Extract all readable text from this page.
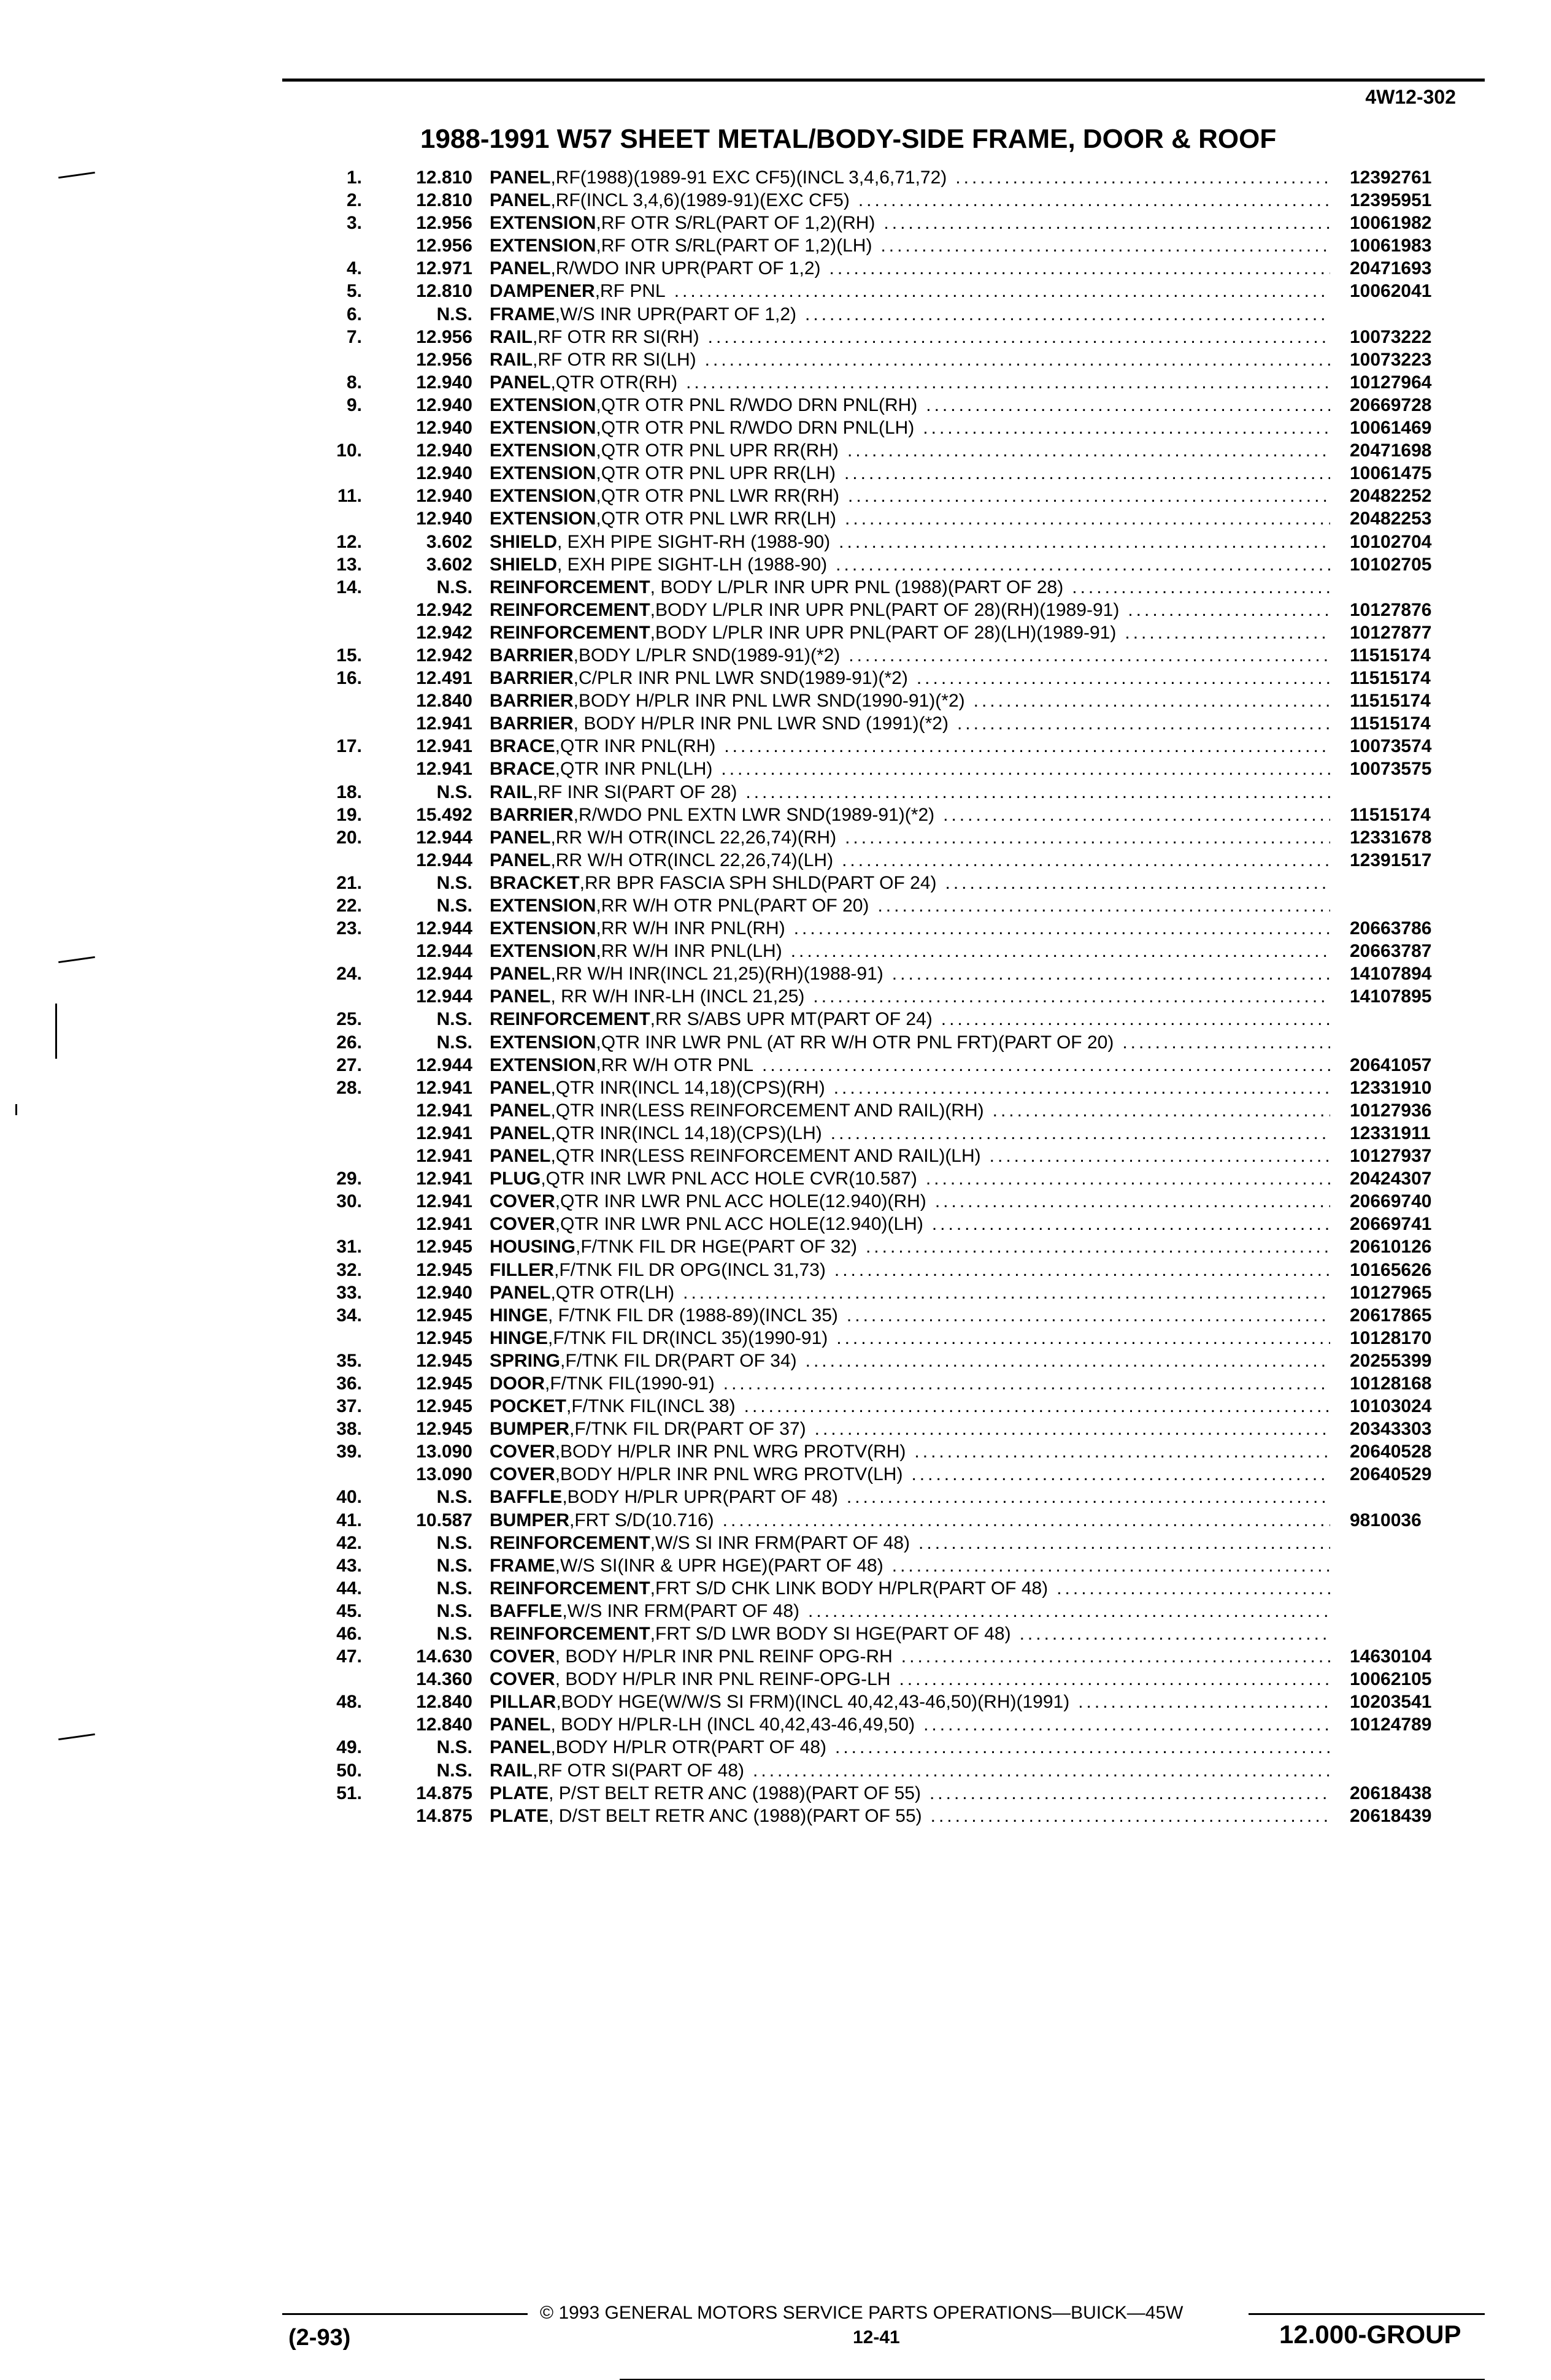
4W12-302
1988-1991 W57 SHEET METAL/BODY-SIDE FRAME, DOOR & ROOF
1.	12.810 PANEL ,RF(1988)(1989-91 EXC CF5)(INCL 3,4,6,71,72) .....	12392761
2.	12.810 PANEL ,RF(INCL 3,4,6)(1989-91)(EXC CF5) .....	12395951
3.	12.956 EXTENSION ,RF OTR S/RL(PART OF 1,2)(RH) .....	10061982
12.956 EXTENSION ,RF OTR S/RL(PART OF 1,2)(LH) .....	10061983
4.	12.971 PANEL ,R/WDO INR UPR(PART OF 1,2) .....	20471693
5.	12.810 DAMPENER ,RF PNL .....	10062041
6.	N.S. FRAME ,W/S INR UPR(PART OF 1,2)
.....
7.	12.956 RAIL ,RF OTR RR SI(RH) .....	10073222
12.956 RAIL ,RF OTR RR SI(LH) .....	10073223
8.	12.940 PANEL ,QTR OTR(RH) .....	10127964
9.	12.940 EXTENSION ,QTR OTR PNL R/WDO DRN PNL(RH) .....	20669728
12.940 EXTENSION ,QTR OTR PNL R/WDO DRN PNL(LH) .....	10061469
10.	12.940 EXTENSION ,QTR OTR PNL UPR RR(RH) .....	20471698
12.940 EXTENSION ,QTR OTR PNL UPR RR(LH) .....	10061475
11.	12.940 EXTENSION ,QTR OTR PNL LWR RR(RH) .....	20482252
12.940 EXTENSION ,QTR OTR PNL LWR RR(LH) .....	20482253
12.	3.602 SHIELD , EXH PIPE SIGHT-RH (1988-90) .....	10102704
13.	3.602 SHIELD , EXH PIPE SIGHT-LH (1988-90) .....	10102705
14.	N.S. REINFORCEMENT , BODY L/PLR INR UPR PNL (1988)(PART OF 28)
.....
12.942 REINFORCEMENT ,BODY L/PLR INR UPR PNL(PART OF 28)(RH)(1989-91) .....	10127876
12.942 REINFORCEMENT ,BODY L/PLR INR UPR PNL(PART OF 28)(LH)(1989-91) .....	10127877
15.	12.942 BARRIER ,BODY L/PLR SND(1989-91)(*2) .....	11515174
16.	12.491 BARRIER ,C/PLR INR PNL LWR SND(1989-91)(*2) .....	11515174
12.840 BARRIER ,BODY H/PLR INR PNL LWR SND(1990-91)(*2) .....	11515174
12.941 BARRIER , BODY H/PLR INR PNL LWR SND (1991)(*2) .....	11515174
17.	12.941 BRACE ,QTR INR PNL(RH) .....	10073574
12.941 BRACE ,QTR INR PNL(LH) .....	10073575
18.	N.S. RAIL ,RF INR SI(PART OF 28)
.....
19.	15.492 BARRIER ,R/WDO PNL EXTN LWR SND(1989-91)(*2) .....	11515174
20.	12.944 PANEL ,RR W/H OTR(INCL 22,26,74)(RH) .....	12331678
12.944 PANEL ,RR W/H OTR(INCL 22,26,74)(LH) .....	12391517
21.	N.S. BRACKET ,RR BPR FASCIA SPH SHLD(PART OF 24)
.....
22.	N.S. EXTENSION ,RR W/H OTR PNL(PART OF 20)
.....
23.	12.944 EXTENSION ,RR W/H INR PNL(RH) .....	20663786
12.944 EXTENSION ,RR W/H INR PNL(LH) .....	20663787
24.	12.944 PANEL ,RR W/H INR(INCL 21,25)(RH)(1988-91) .....	14107894
12.944 PANEL , RR W/H INR-LH (INCL 21,25) .....	14107895
25.	N.S. REINFORCEMENT ,RR S/ABS UPR MT(PART OF 24)
.....
26.	N.S. EXTENSION ,QTR INR LWR PNL (AT RR W/H OTR PNL FRT)(PART OF 20)
.....
27.	12.944 EXTENSION ,RR W/H OTR PNL .....	20641057
28.	12.941 PANEL ,QTR INR(INCL 14,18)(CPS)(RH) .....	12331910
12.941 PANEL ,QTR INR(LESS REINFORCEMENT AND RAIL)(RH) .....	10127936
12.941 PANEL ,QTR INR(INCL 14,18)(CPS)(LH) .....	12331911
12.941 PANEL ,QTR INR(LESS REINFORCEMENT AND RAIL)(LH) .....	10127937
29.	12.941 PLUG ,QTR INR LWR PNL ACC HOLE CVR(10.587) .....	20424307
30.	12.941 COVER ,QTR INR LWR PNL ACC HOLE(12.940)(RH) .....	20669740
12.941 COVER ,QTR INR LWR PNL ACC HOLE(12.940)(LH) .....	20669741
31.	12.945 HOUSING ,F/TNK FIL DR HGE(PART OF 32) .....	20610126
32.	12.945 FILLER ,F/TNK FIL DR OPG(INCL 31,73) .....	10165626
33.	12.940 PANEL ,QTR OTR(LH) .....	10127965
34.	12.945 HINGE , F/TNK FIL DR (1988-89)(INCL 35) .....	20617865
12.945 HINGE ,F/TNK FIL DR(INCL 35)(1990-91) .....	10128170
35.	12.945 SPRING ,F/TNK FIL DR(PART OF 34) .....	20255399
36.	12.945 DOOR ,F/TNK FIL(1990-91) .....	10128168
37.	12.945 POCKET ,F/TNK FIL(INCL 38) .....	10103024
38.	12.945 BUMPER ,F/TNK FIL DR(PART OF 37) .....	20343303
39.	13.090 COVER ,BODY H/PLR INR PNL WRG PROTV(RH) .....	20640528
13.090 COVER ,BODY H/PLR INR PNL WRG PROTV(LH) .....	20640529
40.	N.S. BAFFLE ,BODY H/PLR UPR(PART OF 48)
.....
41.	10.587 BUMPER ,FRT S/D(10.716) .....	9810036
42.	N.S. REINFORCEMENT ,W/S SI INR FRM(PART OF 48)
.....
43.	N.S. FRAME ,W/S SI(INR & UPR HGE)(PART OF 48)
.....
44.	N.S. REINFORCEMENT ,FRT S/D CHK LINK BODY H/PLR(PART OF 48)
.....
45.	N.S. BAFFLE ,W/S INR FRM(PART OF 48)
.....
46.	N.S. REINFORCEMENT ,FRT S/D LWR BODY SI HGE(PART OF 48)
.....
47.	14.630 COVER , BODY H/PLR INR PNL REINF OPG-RH .....	14630104
14.360 COVER , BODY H/PLR INR PNL REINF-OPG-LH .....	10062105
48.	12.840 PILLAR ,BODY HGE(W/W/S SI FRM)(INCL 40,42,43-46,50)(RH)(1991) .....	10203541
12.840 PANEL , BODY H/PLR-LH (INCL 40,42,43-46,49,50) .....	10124789
49.	N.S. PANEL ,BODY H/PLR OTR(PART OF 48)
.....
50.	N.S. RAIL ,RF OTR SI(PART OF 48)
.....
51.	14.875 PLATE , P/ST BELT RETR ANC (1988)(PART OF 55) .....	20618438
14.875 PLATE , D/ST BELT RETR ANC (1988)(PART OF 55) .....	20618439
© 1993 GENERAL MOTORS SERVICE PARTS OPERATIONS—BUICK—45W
(2-93)	12-41	12.000-GROUP
